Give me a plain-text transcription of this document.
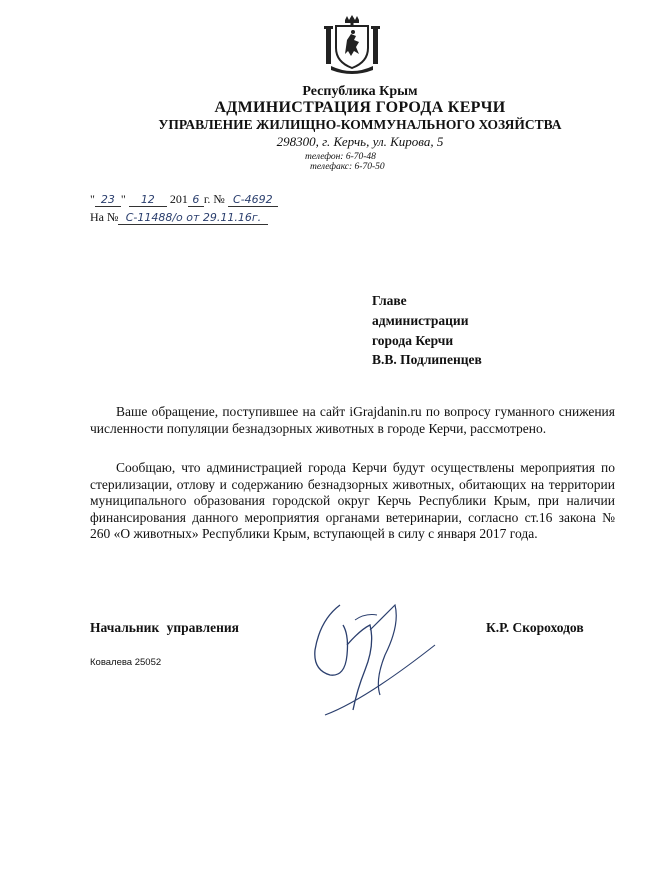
Республика Крым
АДМИНИСТРАЦИЯ ГОРОДА КЕРЧИ
УПРАВЛЕНИЕ ЖИЛИЩНО-КОММУНАЛЬНОГО ХОЗЯЙСТВА
298300, г. Керчь, ул. Кирова, 5
телефон: 6-70-48
телефакс: 6-70-50
" 23 " 12 201 6 г. № С-4692
На № С-11488/о от 29.11.16г.
Главе
администрации
города Керчи
В.В. Подлипенцев
Ваше обращение, поступившее на сайт iGrajdanin.ru по вопросу гуманного снижения численности популяции безнадзорных животных в городе Керчи, рассмотрено.
Сообщаю, что администрацией города Керчи будут осуществлены мероприятия по стерилизации, отлову и содержанию безнадзорных животных, обитающих на территории муниципального образования городской округ Керчь Республики Крым, при наличии финансирования данного мероприятия органами ветеринарии, согласно ст.16 закона № 260 «О животных» Республики Крым, вступающей в силу с января 2017 года.
Начальник управления	К.Р. Скороходов
Ковалева 25052
